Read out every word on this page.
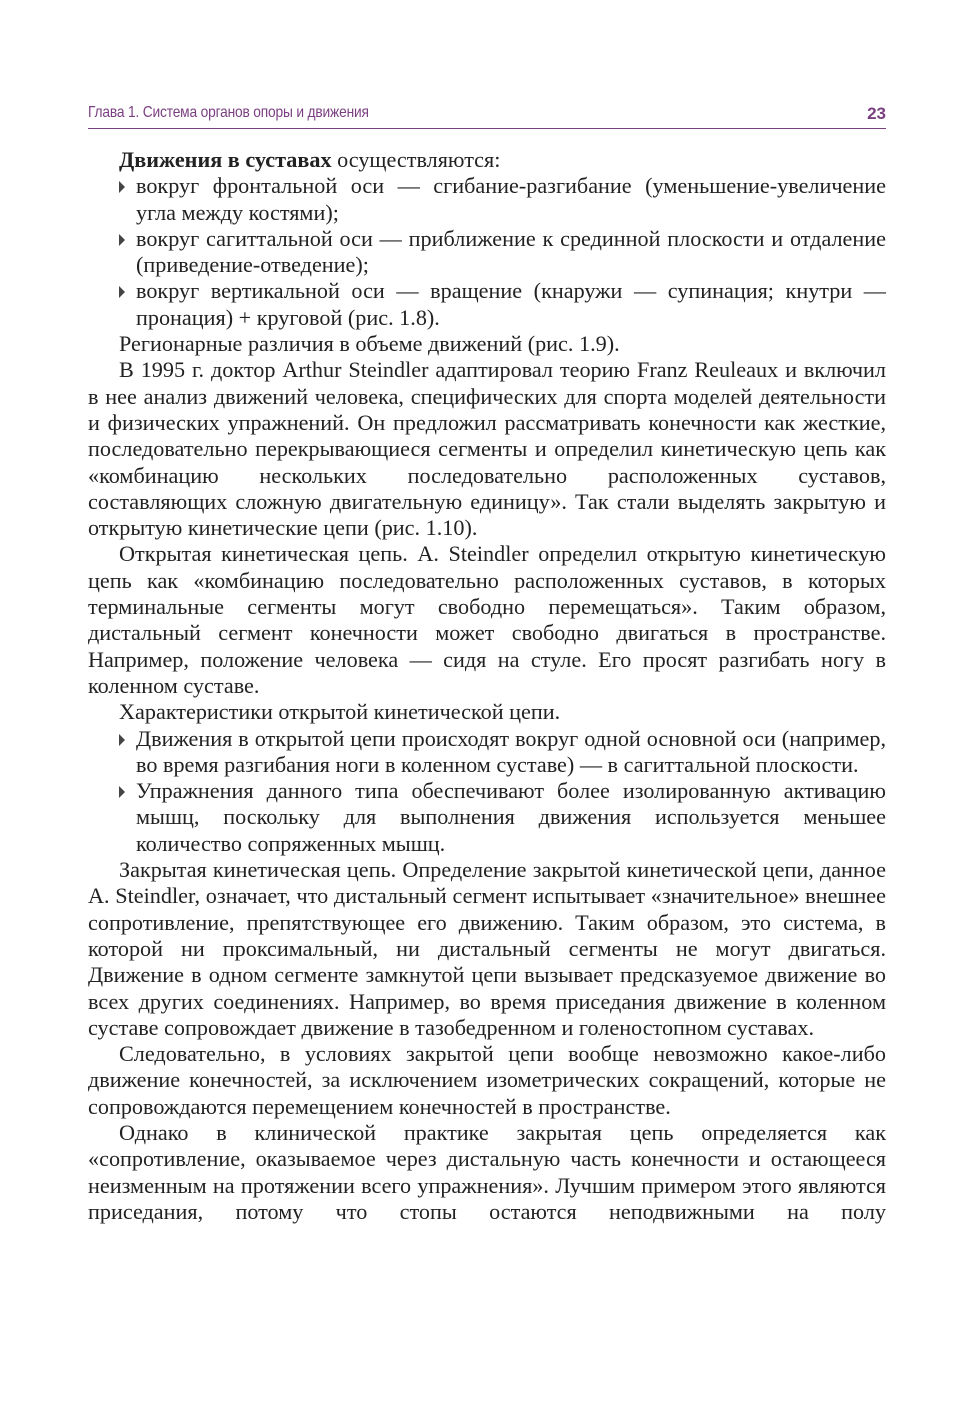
Глава 1. Система органов опоры и движения	23

Движения в суставах осуществляются:

вокруг фронтальной оси — сгибание-разгибание (уменьшение-увеличение угла между костями);
вокруг сагиттальной оси — приближение к срединной плоскости и отдаление (приведение-отведение);
вокруг вертикальной оси — вращение (кнаружи — супинация; кнутри — пронация) + круговой (рис. 1.8).

Регионарные различия в объеме движений (рис. 1.9).

В 1995 г. доктор Arthur Steindler адаптировал теорию Franz Reuleaux и включил в нее анализ движений человека, специфических для спорта моделей деятельности и физических упражнений. Он предложил рассматривать конечности как жесткие, последовательно перекрывающиеся сегменты и определил кинетическую цепь как «комбинацию нескольких последовательно расположенных суставов, составляющих сложную двигательную единицу». Так стали выделять закрытую и открытую кинетические цепи (рис. 1.10).

Открытая кинетическая цепь. A. Steindler определил открытую кинетическую цепь как «комбинацию последовательно расположенных суставов, в которых терминальные сегменты могут свободно перемещаться». Таким образом, дистальный сегмент конечности может свободно двигаться в пространстве. Например, положение человека — сидя на стуле. Его просят разгибать ногу в коленном суставе.

Характеристики открытой кинетической цепи.

Движения в открытой цепи происходят вокруг одной основной оси (например, во время разгибания ноги в коленном суставе) — в сагиттальной плоскости.
Упражнения данного типа обеспечивают более изолированную активацию мышц, поскольку для выполнения движения используется меньшее количество сопряженных мышц.

Закрытая кинетическая цепь. Определение закрытой кинетической цепи, данное A. Steindler, означает, что дистальный сегмент испытывает «значительное» внешнее сопротивление, препятствующее его движению. Таким образом, это система, в которой ни проксимальный, ни дистальный сегменты не могут двигаться. Движение в одном сегменте замкнутой цепи вызывает предсказуемое движение во всех других соединениях. Например, во время приседания движение в коленном суставе сопровождает движение в тазобедренном и голеностопном суставах.

Следовательно, в условиях закрытой цепи вообще невозможно какое-либо движение конечностей, за исключением изометрических сокращений, которые не сопровождаются перемещением конечностей в пространстве.

Однако в клинической практике закрытая цепь определяется как «сопротивление, оказываемое через дистальную часть конечности и остающееся неизменным на протяжении всего упражнения». Лучшим примером этого являются приседания, потому что стопы остаются неподвижными на полу
